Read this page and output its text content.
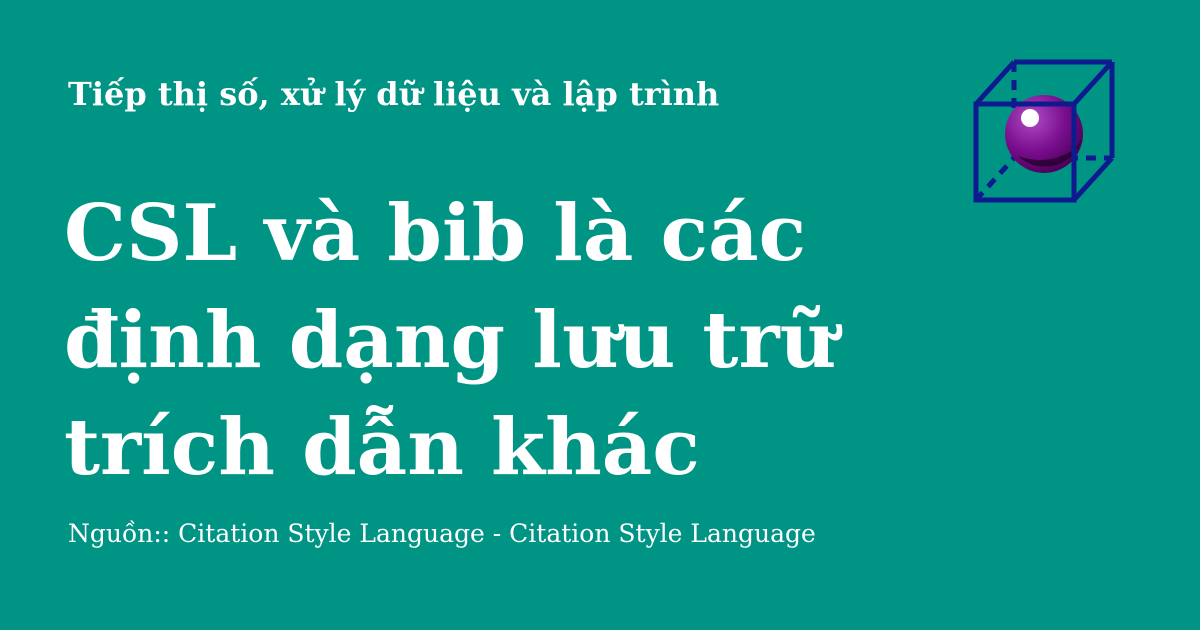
Tiếp thị số, xử lý dữ liệu và lập trình
CSL và bib là các
định dạng lưu trữ
trích dẫn khác
Nguồn:: Citation Style Language - Citation Style Language
